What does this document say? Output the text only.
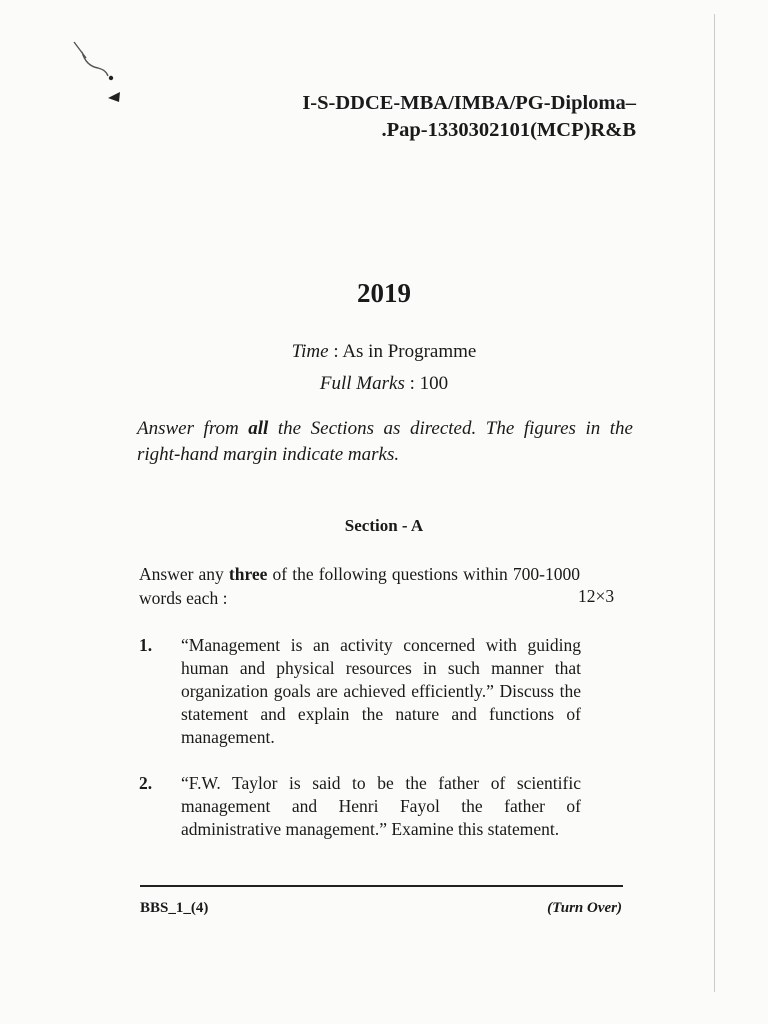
I-S-DDCE-MBA/IMBA/PG-Diploma–
.Pap-1330302101(MCP)R&B
2019
Time : As in Programme
Full Marks : 100
Answer from all the Sections as directed. The figures in the right-hand margin indicate marks.
Section - A
Answer any three of the following questions within 700-1000 words each :	12×3
1. “Management is an activity concerned with guiding human and physical resources in such manner that organization goals are achieved efficiently.” Discuss the statement and explain the nature and functions of management.
2. “F.W. Taylor is said to be the father of scientific management and Henri Fayol the father of administrative management.” Examine this statement.
BBS_1_(4)	(Turn Over)
